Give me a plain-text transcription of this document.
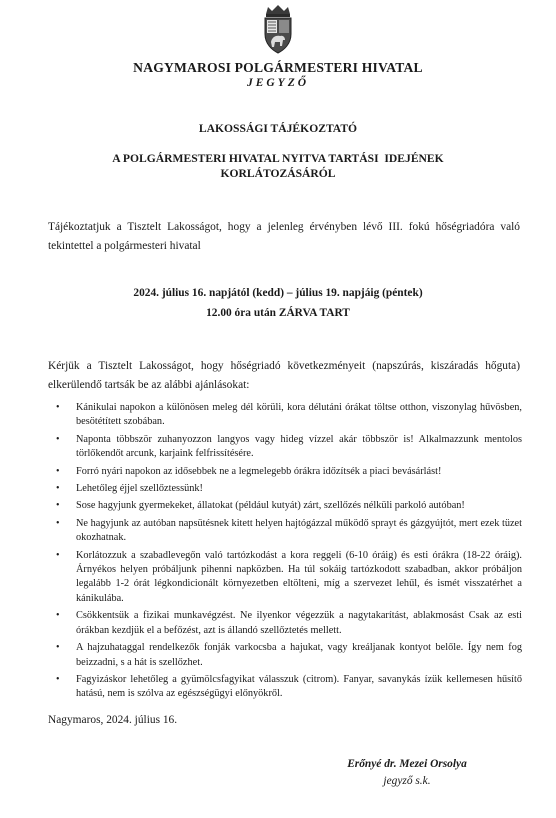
NAGYMAROSI POLGÁRMESTERI HIVATAL
JEGYZŐ
LAKOSSÁGI TÁJÉKOZTATÓ
A POLGÁRMESTERI HIVATAL NYITVA TARTÁSI  IDEJÉNEK
KORLÁTOZÁSÁRÓL

Tájékoztatjuk a Tisztelt Lakosságot, hogy a jelenleg érvényben lévő III. fokú hőségriadóra való tekintettel a polgármesteri hivatal

2024. július 16. napjától (kedd) – július 19. napjáig (péntek)
12.00 óra után ZÁRVA TART

Kérjük a Tisztelt Lakosságot, hogy hőségriadó következményeit (napszúrás, kiszáradás hőguta) elkerülendő tartsák be az alábbi ajánlásokat:

• Kánikulai napokon a különösen meleg dél körüli, kora délutáni órákat töltse otthon, viszonylag hűvösben, besötétített szobában.
• Naponta többször zuhanyozzon langyos vagy hideg vízzel akár többször is! Alkalmazzunk mentolos törlőkendőt arcunk, karjaink felfrissítésére.
• Forró nyári napokon az idősebbek ne a legmelegebb órákra időzítsék a piaci bevásárlást!
• Lehetőleg éjjel szellőztessünk!
• Sose hagyjunk gyermekeket, állatokat (például kutyát) zárt, szellőzés nélküli parkoló autóban!
• Ne hagyjunk az autóban napsütésnek kitett helyen hajtógázzal működő sprayt és gázgyújtót, mert ezek tüzet okozhatnak.
• Korlátozzuk a szabadlevegőn való tartózkodást a kora reggeli (6-10 óráig) és esti órákra (18-22 óráig). Árnyékos helyen próbáljunk pihenni napközben. Ha túl sokáig tartózkodott szabadban, akkor próbáljon legalább 1-2 órát légkondicionált környezetben eltölteni, míg a szervezet lehűl, és ismét visszatérhet a kánikulába.
• Csökkentsük a fizikai munkavégzést. Ne ilyenkor végezzük a nagytakarítást, ablakmosást Csak az esti órákban kezdjük el a befőzést, azt is állandó szellőztetés mellett.
• A hajzuhataggal rendelkezők fonják varkocsba a hajukat, vagy kreáljanak kontyot belőle. Így nem fog beizzadni, s a hát is szellőzhet.
• Fagyizáskor lehetőleg a gyümölcsfagyikat válasszuk (citrom). Fanyar, savanykás ízük kellemesen hűsítő hatású, nem is szólva az egészségügyi előnyökről.
Nagymaros, 2024. július 16.
Erőnyé dr. Mezei Orsolya
jegyző s.k.
